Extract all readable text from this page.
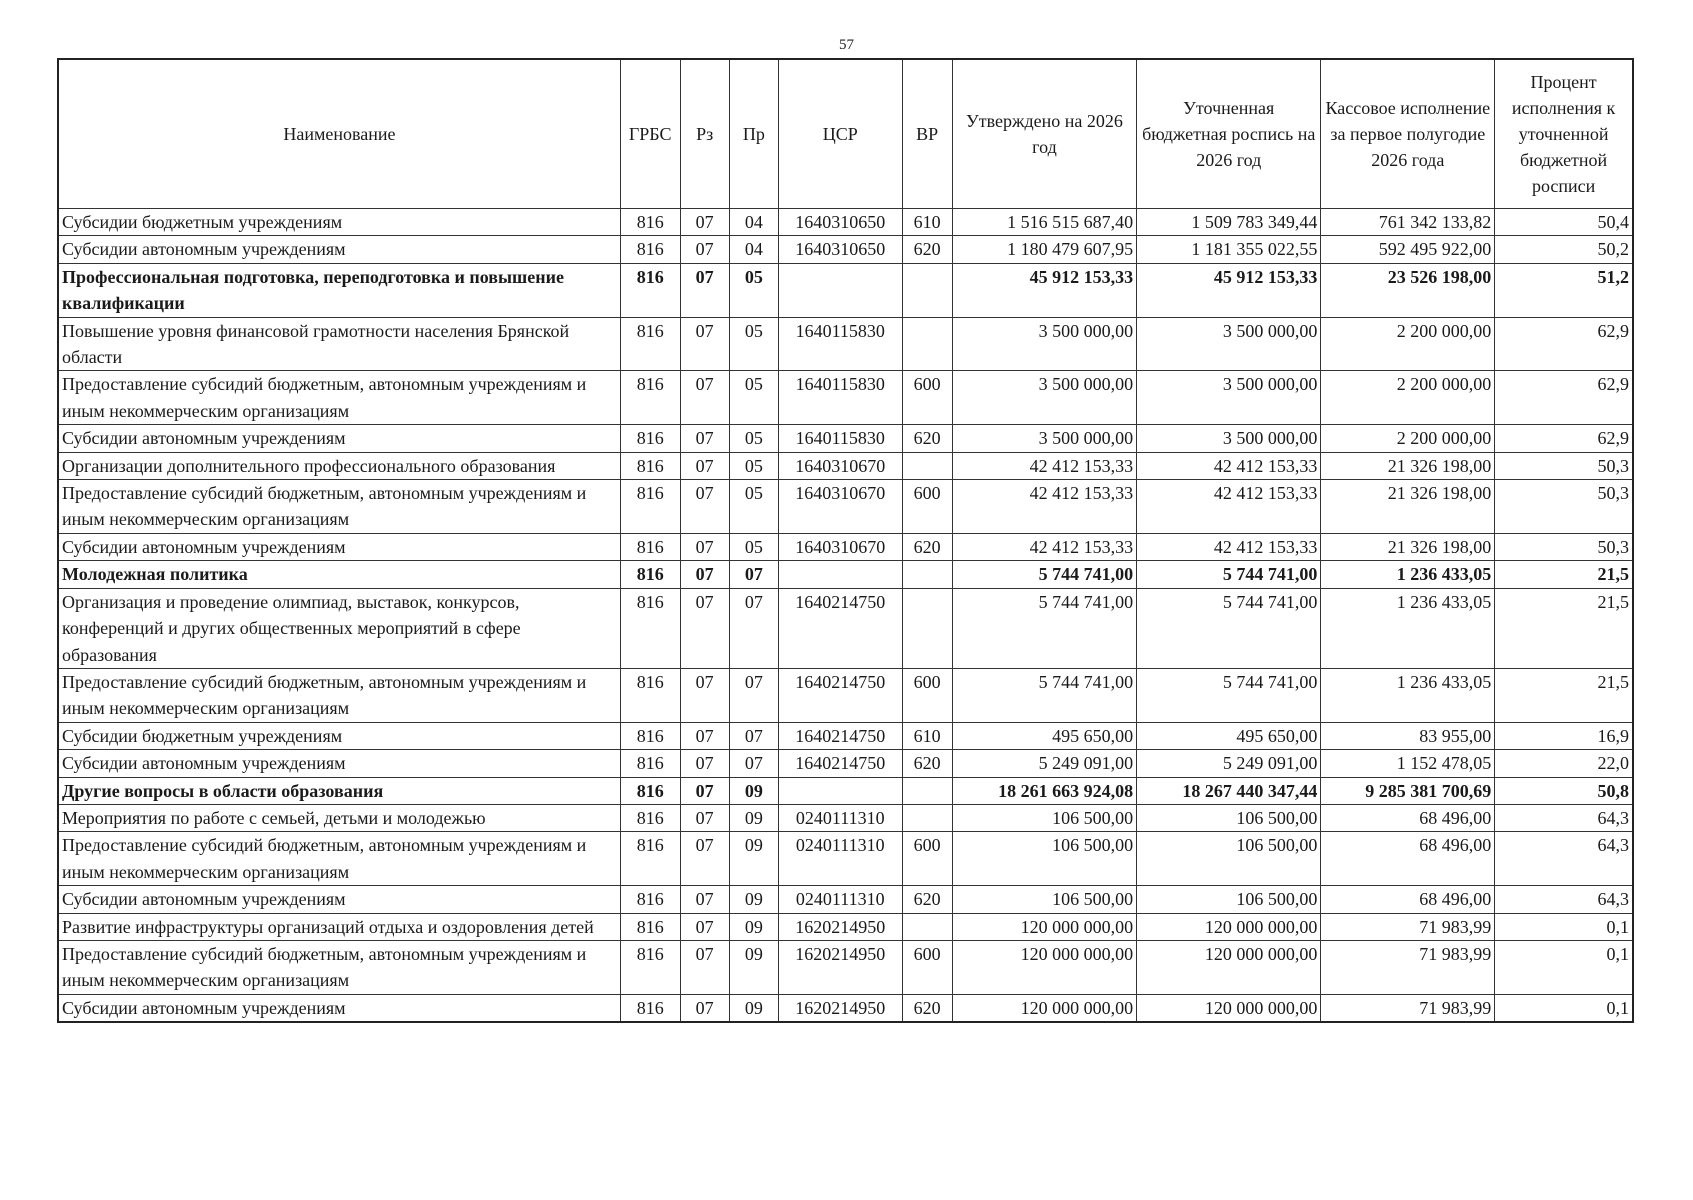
57
Наименование	ГРБС	Рз	Пр	ЦСР	ВР	Утверждено на 2026 год	Уточненная бюджетная роспись на 2026 год	Кассовое исполнение за первое полугодие 2026 года	Процент исполнения к уточненной бюджетной росписи
Субсидии бюджетным учреждениям	816	07	04	1640310650	610	1 516 515 687,40	1 509 783 349,44	761 342 133,82	50,4
Субсидии автономным учреждениям	816	07	04	1640310650	620	1 180 479 607,95	1 181 355 022,55	592 495 922,00	50,2
Профессиональная подготовка, переподготовка и повышение квалификации	816	07	05			45 912 153,33	45 912 153,33	23 526 198,00	51,2
Повышение уровня финансовой грамотности населения Брянской области	816	07	05	1640115830		3 500 000,00	3 500 000,00	2 200 000,00	62,9
Предоставление субсидий бюджетным, автономным учреждениям и иным некоммерческим организациям	816	07	05	1640115830	600	3 500 000,00	3 500 000,00	2 200 000,00	62,9
Субсидии автономным учреждениям	816	07	05	1640115830	620	3 500 000,00	3 500 000,00	2 200 000,00	62,9
Организации дополнительного профессионального образования	816	07	05	1640310670		42 412 153,33	42 412 153,33	21 326 198,00	50,3
Предоставление субсидий бюджетным, автономным учреждениям и иным некоммерческим организациям	816	07	05	1640310670	600	42 412 153,33	42 412 153,33	21 326 198,00	50,3
Субсидии автономным учреждениям	816	07	05	1640310670	620	42 412 153,33	42 412 153,33	21 326 198,00	50,3
Молодежная политика	816	07	07			5 744 741,00	5 744 741,00	1 236 433,05	21,5
Организация и проведение олимпиад, выставок, конкурсов, конференций и других общественных мероприятий в сфере образования	816	07	07	1640214750		5 744 741,00	5 744 741,00	1 236 433,05	21,5
Предоставление субсидий бюджетным, автономным учреждениям и иным некоммерческим организациям	816	07	07	1640214750	600	5 744 741,00	5 744 741,00	1 236 433,05	21,5
Субсидии бюджетным учреждениям	816	07	07	1640214750	610	495 650,00	495 650,00	83 955,00	16,9
Субсидии автономным учреждениям	816	07	07	1640214750	620	5 249 091,00	5 249 091,00	1 152 478,05	22,0
Другие вопросы в области образования	816	07	09			18 261 663 924,08	18 267 440 347,44	9 285 381 700,69	50,8
Мероприятия по работе с семьей, детьми и молодежью	816	07	09	0240111310		106 500,00	106 500,00	68 496,00	64,3
Предоставление субсидий бюджетным, автономным учреждениям и иным некоммерческим организациям	816	07	09	0240111310	600	106 500,00	106 500,00	68 496,00	64,3
Субсидии автономным учреждениям	816	07	09	0240111310	620	106 500,00	106 500,00	68 496,00	64,3
Развитие инфраструктуры организаций отдыха и оздоровления детей	816	07	09	1620214950		120 000 000,00	120 000 000,00	71 983,99	0,1
Предоставление субсидий бюджетным, автономным учреждениям и иным некоммерческим организациям	816	07	09	1620214950	600	120 000 000,00	120 000 000,00	71 983,99	0,1
Субсидии автономным учреждениям	816	07	09	1620214950	620	120 000 000,00	120 000 000,00	71 983,99	0,1
